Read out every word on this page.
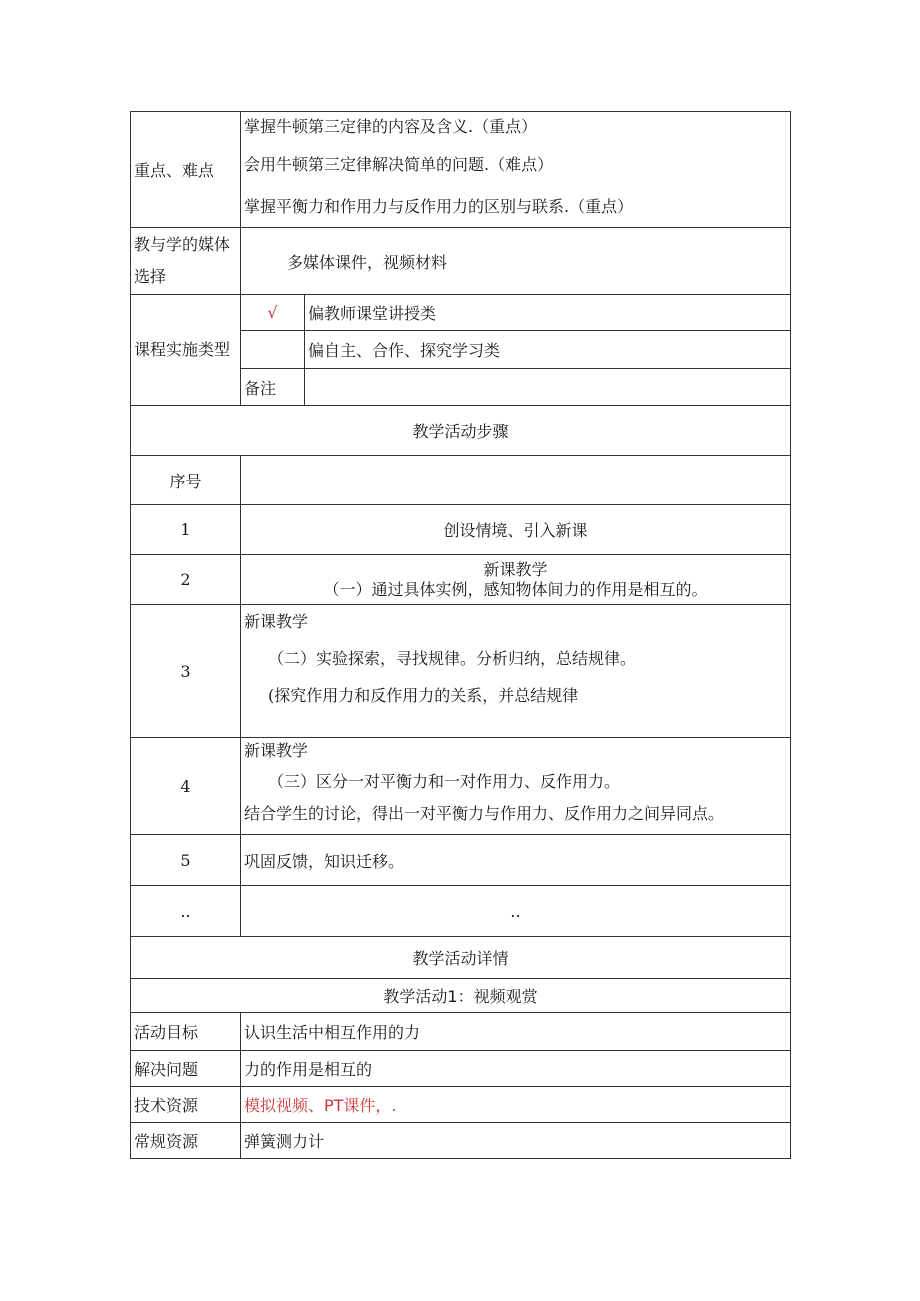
重点、难点	掌握牛顿第三定律的内容及含义.（重点）
会用牛顿第三定律解决简单的问题.（难点）
掌握平衡力和作用力与反作用力的区别与联系.（重点）	

教与学的媒体选择	多媒体课件，视频材料	
课程实施类型	√	偏教师课堂讲授类
		偏自主、合作、探究学习类
	备注	
教学活动步骤		
序号		
1	创设情境、引入新课	
2	新课教学
（一）通过具体实例，感知物体间力的作用是相互的。	

3	新课教学
（二）实验探索，寻找规律。分析归纳，总结规律。
(探究作用力和反作用力的关系，并总结规律	

4	新课教学
（三）区分一对平衡力和一对作用力、反作用力。
结合学生的讨论，得出一对平衡力与作用力、反作用力之间异同点。	

5	巩固反馈，知识迁移。	
..	..	
教学活动详情		
教学活动1：视频观赏		
活动目标	认识生活中相互作用的力	
解决问题	力的作用是相互的	
技术资源	模拟视频、PT课件，.	
常规资源	弹簧测力计	
